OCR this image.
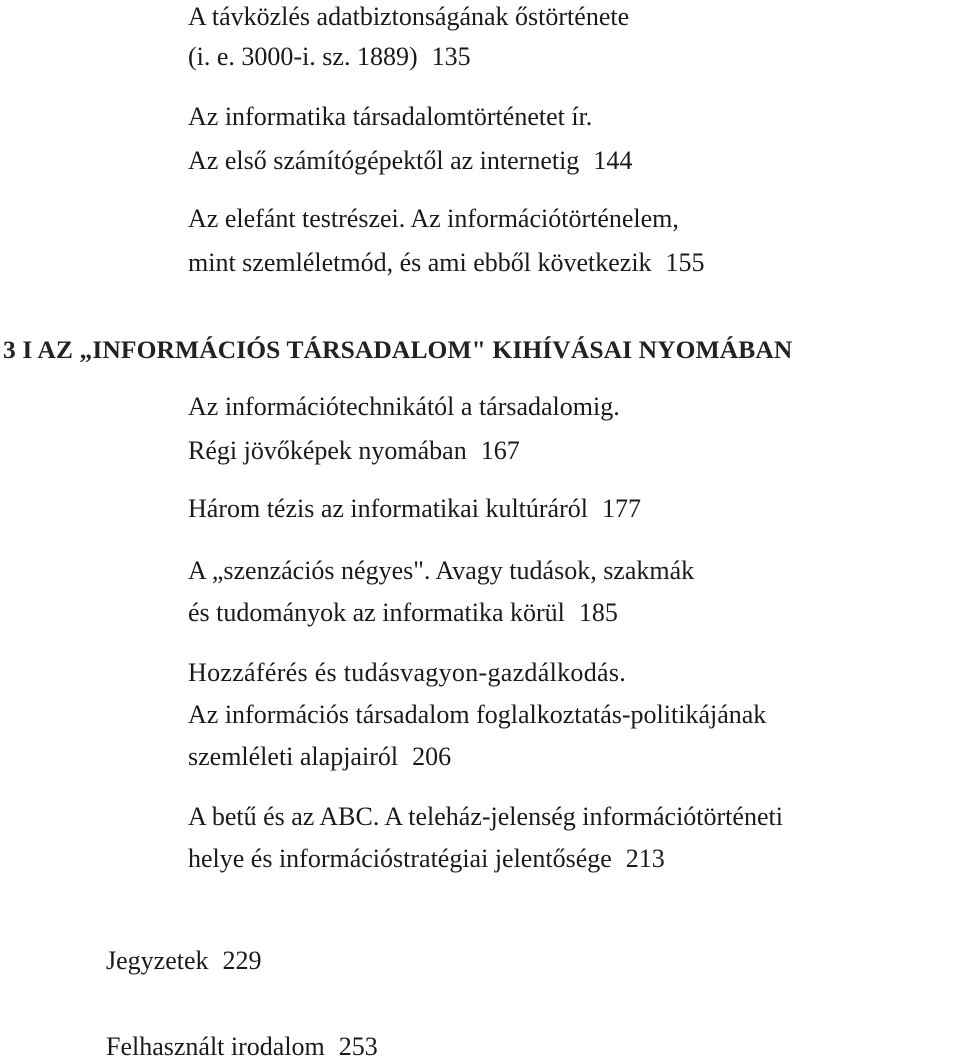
A távközlés adatbiztonságának őstörténete
(i. e. 3000-i. sz. 1889) 135
Az informatika társadalomtörténetet ír.
Az első számítógépektől az internetig 144
Az elefánt testrészei. Az információtörténelem,
mint szemléletmód, és ami ebből következik 155
3 I AZ „INFORMÁCIÓS TÁRSADALOM" KIHÍVÁSAI NYOMÁBAN
Az információtechnikától a társadalomig.
Régi jövőképek nyomában 167
Három tézis az informatikai kultúráról 177
A „szenzációs négyes". Avagy tudások, szakmák
és tudományok az informatika körül 185
Hozzáférés és tudásvagyon-gazdálkodás.
Az információs társadalom foglalkoztatás-politikájának
szemléleti alapjairól 206
A betű és az ABC. A teleház-jelenség információtörténeti
helye és információstratégiai jelentősége 213
Jegyzetek 229
Felhasznált irodalom 253
